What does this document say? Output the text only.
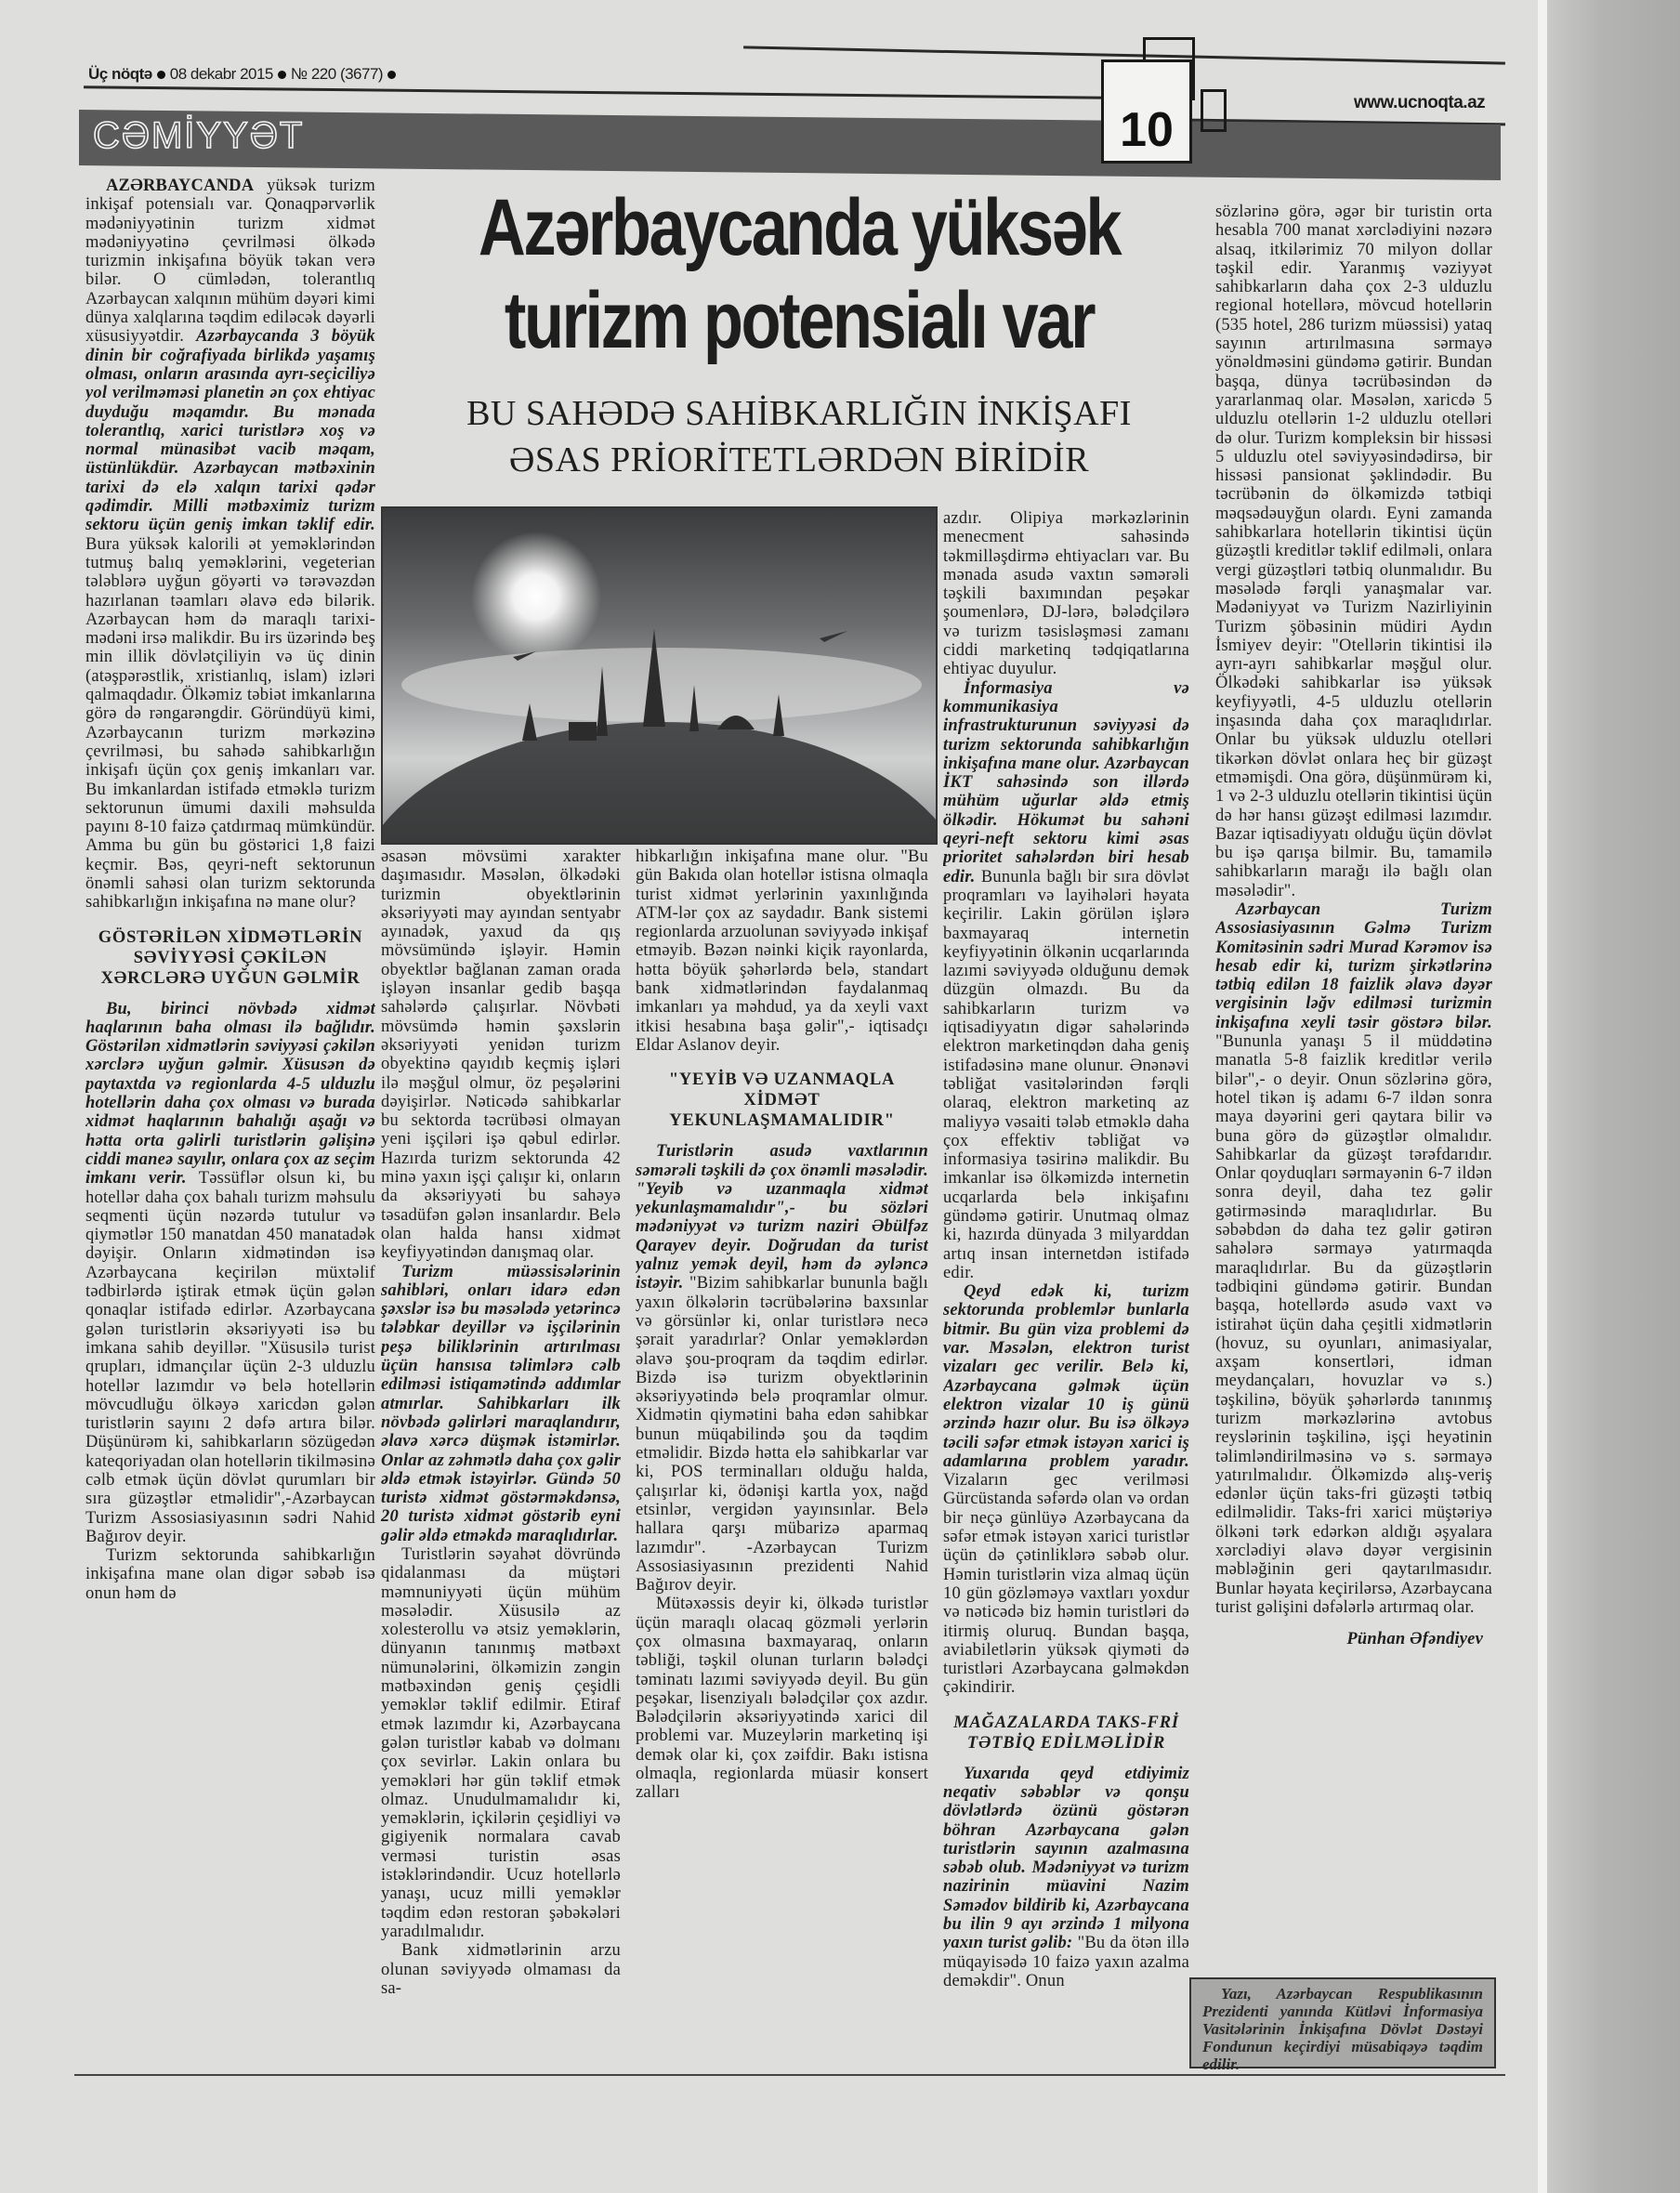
Üç nöqtə 08 dekabr 2015 № 220 (3677)
www.ucnoqta.az
CƏMİYYƏT	10
Azərbaycanda yüksək
turizm potensialı var
BU SAHƏDƏ SAHİBKARLIĞIN İNKİŞAFI
ƏSAS PRİORİTETLƏRDƏN BİRİDİR

AZƏRBAYCANDA yüksək turizm inkişaf potensialı var. Qonaqpərvərlik mədəniyyətinin turizm xidmət mədəniyyətinə çevrilməsi ölkədə turizmin inkişafına böyük təkan verə bilər. O cümlədən, tolerantlıq Azərbaycan xalqının mühüm dəyəri kimi dünya xalqlarına təqdim ediləcək dəyərli xüsusiyyətdir. Azərbaycanda 3 böyük dinin bir coğrafiyada birlikdə yaşamış olması, onların arasında ayrı-seçiciliyə yol verilməməsi planetin ən çox ehtiyac duyduğu məqamdır. Bu mənada tolerantlıq, xarici turistlərə xoş və normal münasibət vacib məqam, üstünlükdür. Azərbaycan mətbəxinin tarixi də elə xalqın tarixi qədər qədimdir. Milli mətbəximiz turizm sektoru üçün geniş imkan təklif edir. Bura yüksək kalorili ət yeməklərindən tutmuş balıq yeməklərini, vegeterian tələblərə uyğun göyərti və tərəvəzdən hazırlanan təamları əlavə edə bilərik. Azərbaycan həm də maraqlı tarixi-mədəni irsə malikdir. Bu irs üzərində beş min illik dövlətçiliyin və üç dinin (atəşpərəstlik, xristianlıq, islam) izləri qalmaqdadır. Ölkəmiz təbiət imkanlarına görə də rəngarəngdir. Göründüyü kimi, Azərbaycanın turizm mərkəzinə çevrilməsi, bu sahədə sahibkarlığın inkişafı üçün çox geniş imkanları var. Bu imkanlardan istifadə etməklə turizm sektorunun ümumi daxili məhsulda payını 8-10 faizə çatdırmaq mümkündür. Amma bu gün bu göstərici 1,8 faizi keçmir. Bəs, qeyri-neft sektorunun önəmli sahəsi olan turizm sektorunda sahibkarlığın inkişafına nə mane olur?

GÖSTƏRİLƏN XİDMƏTLƏRİN SƏVİYYƏSİ ÇƏKİLƏN XƏRCLƏRƏ UYĞUN GƏLMİR

Bu, birinci növbədə xidmət haqlarının baha olması ilə bağlıdır. Göstərilən xidmətlərin səviyyəsi çəkilən xərclərə uyğun gəlmir. Xüsusən də paytaxtda və regionlarda 4-5 ulduzlu hotellərin daha çox olması və burada xidmət haqlarının bahalığı aşağı və hətta orta gəlirli turistlərin gəlişinə ciddi maneə sayılır, onlara çox az seçim imkanı verir. Təssüflər olsun ki, bu hotellər daha çox bahalı turizm məhsulu seqmenti üçün nəzərdə tutulur və qiymətlər 150 manatdan 450 manatadək dəyişir. Onların xidmətindən isə Azərbaycana keçirilən müxtəlif tədbirlərdə iştirak etmək üçün gələn qonaqlar istifadə edirlər. Azərbaycana gələn turistlərin əksəriyyəti isə bu imkana sahib deyillər. "Xüsusilə turist qrupları, idmançılar üçün 2-3 ulduzlu hotellər lazımdır və belə hotellərin mövcudluğu ölkəyə xaricdən gələn turistlərin sayını 2 dəfə artıra bilər. Düşünürəm ki, sahibkarların sözügedən kateqoriyadan olan hotellərin tikilməsinə cəlb etmək üçün dövlət qurumları bir sıra güzəştlər etməlidir",-Azərbaycan Turizm Assosiasiyasının sədri Nahid Bağırov deyir.

Turizm sektorunda sahibkarlığın inkişafına mane olan digər səbəb isə onun həm də

əsasən mövsümi xarakter daşımasıdır. Məsələn, ölkədəki turizmin obyektlərinin əksəriyyəti may ayından sentyabr ayınadək, yaxud da qış mövsümündə işləyir. Həmin obyektlər bağlanan zaman orada işləyən insanlar gedib başqa sahələrdə çalışırlar. Növbəti mövsümdə həmin şəxslərin əksəriyyəti yenidən turizm obyektinə qayıdıb keçmiş işləri ilə məşğul olmur, öz peşələrini dəyişirlər. Nəticədə sahibkarlar bu sektorda təcrübəsi olmayan yeni işçiləri işə qəbul edirlər. Hazırda turizm sektorunda 42 minə yaxın işçi çalışır ki, onların da əksəriyyəti bu sahəyə təsadüfən gələn insanlardır. Belə olan halda hansı xidmət keyfiyyətindən danışmaq olar.

Turizm müəssisələrinin sahibləri, onları idarə edən şəxslər isə bu məsələdə yetərincə tələbkar deyillər və işçilərinin peşə biliklərinin artırılması üçün hansısa təlimlərə cəlb edilməsi istiqamətində addımlar atmırlar. Sahibkarları ilk növbədə gəlirləri maraqlandırır, əlavə xərcə düşmək istəmirlər. Onlar az zəhmətlə daha çox gəlir əldə etmək istəyirlər. Gündə 50 turistə xidmət göstərməkdənsə, 20 turistə xidmət göstərib eyni gəlir əldə etməkdə maraqlıdırlar.

Turistlərin səyahət dövründə qidalanması da müştəri məmnuniyyəti üçün mühüm məsələdir. Xüsusilə az xolesterollu və ətsiz yeməklərin, dünyanın tanınmış mətbəxt nümunələrini, ölkəmizin zəngin mətbəxindən geniş çeşidli yeməklər təklif edilmir. Etiraf etmək lazımdır ki, Azərbaycana gələn turistlər kabab və dolmanı çox sevirlər. Lakin onlara bu yeməkləri hər gün təklif etmək olmaz. Unudulmamalıdır ki, yeməklərin, içkilərin çeşidliyi və gigiyenik normalara cavab verməsi turistin əsas istəklərindəndir. Ucuz hotellərlə yanaşı, ucuz milli yeməklər təqdim edən restoran şəbəkələri yaradılmalıdır.

Bank xidmətlərinin arzu olunan səviyyədə olmaması da sa-

hibkarlığın inkişafına mane olur. "Bu gün Bakıda olan hotellər istisna olmaqla turist xidmət yerlərinin yaxınlığında ATM-lər çox az saydadır. Bank sistemi regionlarda arzuolunan səviyyədə inkişaf etməyib. Bəzən nəinki kiçik rayonlarda, hətta böyük şəhərlərdə belə, standart bank xidmətlərindən faydalanmaq imkanları ya məhdud, ya da xeyli vaxt itkisi hesabına başa gəlir",- iqtisadçı Eldar Aslanov deyir.

"YEYİB VƏ UZANMAQLA XİDMƏT YEKUNLAŞMAMALIDIR"

Turistlərin asudə vaxtlarının səmərəli təşkili də çox önəmli məsələdir. "Yeyib və uzanmaqla xidmət yekunlaşmamalıdır",- bu sözləri mədəniyyət və turizm naziri Əbülfəz Qarayev deyir. Doğrudan da turist yalnız yemək deyil, həm də əyləncə istəyir. "Bizim sahibkarlar bununla bağlı yaxın ölkələrin təcrübələrinə baxsınlar və görsünlər ki, onlar turistlərə necə şərait yaradırlar? Onlar yeməklərdən əlavə şou-proqram da təqdim edirlər. Bizdə isə turizm obyektlərinin əksəriyyətində belə proqramlar olmur. Xidmətin qiymətini baha edən sahibkar bunun müqabilində şou da təqdim etməlidir. Bizdə hətta elə sahibkarlar var ki, POS terminalları olduğu halda, çalışırlar ki, ödənişi kartla yox, nağd etsinlər, vergidən yayınsınlar. Belə hallara qarşı mübarizə aparmaq lazımdır". -Azərbaycan Turizm Assosiasiyasının prezidenti Nahid Bağırov deyir.

Mütəxəssis deyir ki, ölkədə turistlər üçün maraqlı olacaq gözməli yerlərin çox olmasına baxmayaraq, onların təbliği, təşkil olunan turların bələdçi təminatı lazımi səviyyədə deyil. Bu gün peşəkar, lisenziyalı bələdçilər çox azdır. Bələdçilərin əksəriyyətində xarici dil problemi var. Muzeylərin marketinq işi demək olar ki, çox zəifdir. Bakı istisna olmaqla, regionlarda müasir konsert zalları

azdır. Olipiya mərkəzlərinin menecment sahəsində təkmilləşdirmə ehtiyacları var. Bu mənada asudə vaxtın səmərəli təşkili baxımından peşəkar şoumenlərə, DJ-lərə, bələdçilərə və turizm təsisləşməsi zamanı ciddi marketinq tədqiqatlarına ehtiyac duyulur.

İnformasiya və kommunikasiya infrastrukturunun səviyyəsi də turizm sektorunda sahibkarlığın inkişafına mane olur. Azərbaycan İKT sahəsində son illərdə mühüm uğurlar əldə etmiş ölkədir. Hökumət bu sahəni qeyri-neft sektoru kimi əsas prioritet sahələrdən biri hesab edir. Bununla bağlı bir sıra dövlət proqramları və layihələri həyata keçirilir. Lakin görülən işlərə baxmayaraq internetin keyfiyyətinin ölkənin ucqarlarında lazımi səviyyədə olduğunu demək düzgün olmazdı. Bu da sahibkarların turizm və iqtisadiyyatın digər sahələrində elektron marketinqdən daha geniş istifadəsinə mane olunur. Ənənəvi təbliğat vasitələrindən fərqli olaraq, elektron marketinq az maliyyə vəsaiti tələb etməklə daha çox effektiv təbliğat və informasiya təsirinə malikdir. Bu imkanlar isə ölkəmizdə internetin ucqarlarda belə inkişafını gündəmə gətirir. Unutmaq olmaz ki, hazırda dünyada 3 milyarddan artıq insan internetdən istifadə edir.

Qeyd edək ki, turizm sektorunda problemlər bunlarla bitmir. Bu gün viza problemi də var. Məsələn, elektron turist vizaları gec verilir. Belə ki, Azərbaycana gəlmək üçün elektron vizalar 10 iş günü ərzində hazır olur. Bu isə ölkəyə təcili səfər etmək istəyən xarici iş adamlarına problem yaradır. Vizaların gec verilməsi Gürcüstanda səfərdə olan və ordan bir neçə günlüyə Azərbaycana da səfər etmək istəyən xarici turistlər üçün də çətinliklərə səbəb olur. Həmin turistlərin viza almaq üçün 10 gün gözləməyə vaxtları yoxdur və nəticədə biz həmin turistləri də itirmiş oluruq. Bundan başqa, aviabiletlərin yüksək qiyməti də turistləri Azərbaycana gəlməkdən çəkindirir.

MAĞAZALARDA TAKS-FRİ TƏTBİQ EDİLMƏLİDİR

Yuxarıda qeyd etdiyimiz neqativ səbəblər və qonşu dövlətlərdə özünü göstərən böhran Azərbaycana gələn turistlərin sayının azalmasına səbəb olub. Mədəniyyət və turizm nazirinin müavini Nazim Səmədov bildirib ki, Azərbaycana bu ilin 9 ayı ərzində 1 milyona yaxın turist gəlib: "Bu da ötən illə müqayisədə 10 faizə yaxın azalma deməkdir". Onun

sözlərinə görə, əgər bir turistin orta hesabla 700 manat xərclədiyini nəzərə alsaq, itkilərimiz 70 milyon dollar təşkil edir. Yaranmış vəziyyət sahibkarların daha çox 2-3 ulduzlu regional hotellərə, mövcud hotellərin (535 hotel, 286 turizm müəssisi) yataq sayının artırılmasına sərmayə yönəldməsini gündəmə gətirir. Bundan başqa, dünya təcrübəsindən də yararlanmaq olar. Məsələn, xaricdə 5 ulduzlu otellərin 1-2 ulduzlu otelləri də olur. Turizm kompleksin bir hissəsi 5 ulduzlu otel səviyyəsindədirsə, bir hissəsi pansionat şəklindədir. Bu təcrübənin də ölkəmizdə tətbiqi məqsədəuyğun olardı. Eyni zamanda sahibkarlara hotellərin tikintisi üçün güzəştli kreditlər təklif edilməli, onlara vergi güzəştləri tətbiq olunmalıdır. Bu məsələdə fərqli yanaşmalar var. Mədəniyyət və Turizm Nazirliyinin Turizm şöbəsinin müdiri Aydın İsmiyev deyir: "Otellərin tikintisi ilə ayrı-ayrı sahibkarlar məşğul olur. Ölkədəki sahibkarlar isə yüksək keyfiyyətli, 4-5 ulduzlu otellərin inşasında daha çox maraqlıdırlar. Onlar bu yüksək ulduzlu otelləri tikərkən dövlət onlara heç bir güzəşt etməmişdi. Ona görə, düşünmürəm ki, 1 və 2-3 ulduzlu otellərin tikintisi üçün də hər hansı güzəşt edilməsi lazımdır. Bazar iqtisadiyyatı olduğu üçün dövlət bu işə qarışa bilmir. Bu, tamamilə sahibkarların marağı ilə bağlı olan məsələdir".

Azərbaycan Turizm Assosiasiyasının Gəlmə Turizm Komitəsinin sədri Murad Kərəmov isə hesab edir ki, turizm şirkətlərinə tətbiq edilən 18 faizlik əlavə dəyər vergisinin ləğv edilməsi turizmin inkişafına xeyli təsir göstərə bilər. "Bununla yanaşı 5 il müddətinə manatla 5-8 faizlik kreditlər verilə bilər",- o deyir. Onun sözlərinə görə, hotel tikən iş adamı 6-7 ildən sonra maya dəyərini geri qaytara bilir və buna görə də güzəştlər olmalıdır. Sahibkarlar da güzəşt tərəfdarıdır. Onlar qoyduqları sərmayənin 6-7 ildən sonra deyil, daha tez gəlir gətirməsində maraqlıdırlar. Bu səbəbdən də daha tez gəlir gətirən sahələrə sərmayə yatırmaqda maraqlıdırlar. Bu da güzəştlərin tədbiqini gündəmə gətirir. Bundan başqa, hotellərdə asudə vaxt və istirahət üçün daha çeşitli xidmətlərin (hovuz, su oyunları, animasiyalar, axşam konsertləri, idman meydançaları, hovuzlar və s.) təşkilinə, böyük şəhərlərdə tanınmış turizm mərkəzlərinə avtobus reyslərinin təşkilinə, işçi heyətinin təlimləndirilməsinə və s. sərmayə yatırılmalıdır. Ölkəmizdə alış-veriş edənlər üçün taks-fri güzəşti tətbiq edilməlidir. Taks-fri xarici müştəriyə ölkəni tərk edərkən aldığı əşyalara xərclədiyi əlavə dəyər vergisinin məbləğinin geri qaytarılmasıdır. Bunlar həyata keçirilərsə, Azərbaycana turist gəlişini dəfələrlə artırmaq olar.

Pünhan Əfəndiyev

Yazı, Azərbaycan Respublikasının Prezidenti yanında Kütləvi İnformasiya Vasitələrinin İnkişafına Dövlət Dəstəyi Fondunun keçirdiyi müsabiqəyə təqdim edilir.
